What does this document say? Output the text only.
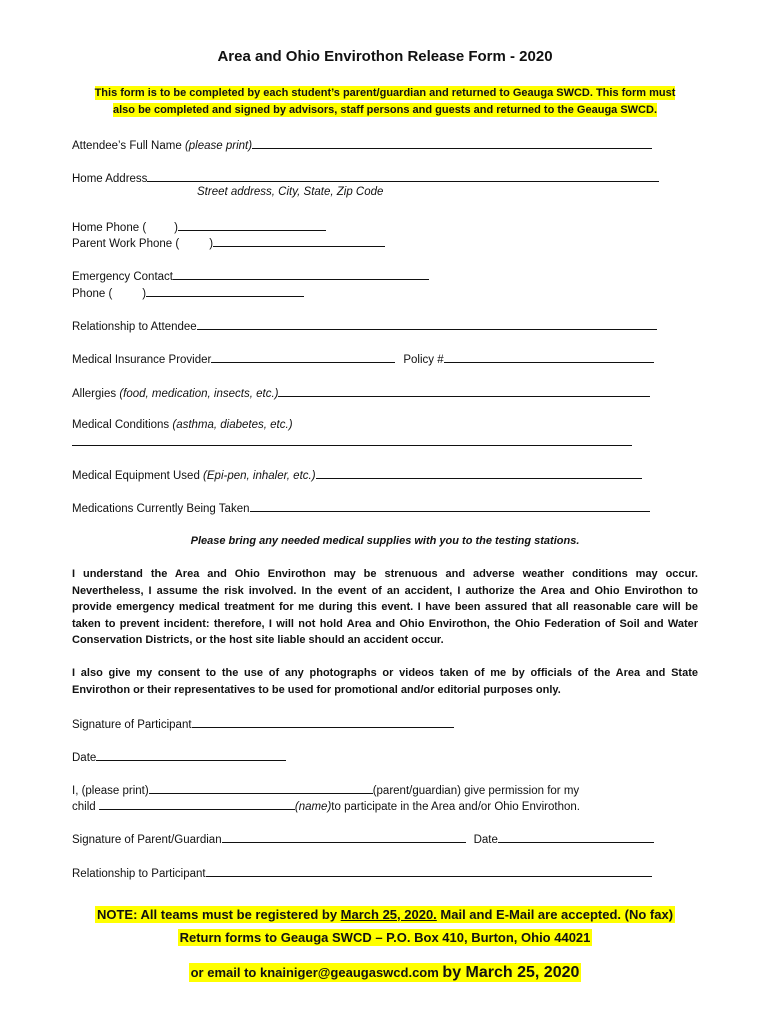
Area and Ohio Envirothon Release Form - 2020
This form is to be completed by each student’s parent/guardian and returned to Geauga SWCD. This form must
also be completed and signed by advisors, staff persons and guests and returned to the Geauga SWCD.
Attendee’s Full Name (please print)
Home Address
Street address, City, State, Zip Code
Home Phone ( )
Parent Work Phone (	)
Emergency Contact
Phone (	)
Relationship to Attendee
Medical Insurance Provider	Policy #
Allergies (food, medication, insects, etc.)
Medical Conditions (asthma, diabetes, etc.)
Medical Equipment Used (Epi-pen, inhaler, etc.)
Medications Currently Being Taken
Please bring any needed medical supplies with you to the testing stations.
I understand the Area and Ohio Envirothon may be strenuous and adverse weather conditions may occur. Nevertheless, I assume the risk involved. In the event of an accident, I authorize the Area and Ohio Envirothon to provide emergency medical treatment for me during this event. I have been assured that all reasonable care will be taken to prevent incident: therefore, I will not hold Area and Ohio Envirothon, the Ohio Federation of Soil and Water Conservation Districts, or the host site liable should an accident occur.
I also give my consent to the use of any photographs or videos taken of me by officials of the Area and State Envirothon or their representatives to be used for promotional and/or editorial purposes only.
Signature of Participant
Date
I, (please print)	(parent/guardian) give permission for my
child	(name)to participate in the Area and/or Ohio Envirothon.
Signature of Parent/Guardian	Date
Relationship to Participant
NOTE: All teams must be registered by March 25, 2020. Mail and E-Mail are accepted. (No fax)
Return forms to Geauga SWCD – P.O. Box 410, Burton, Ohio 44021
or email to knainiger@geaugaswcd.com by March 25, 2020
